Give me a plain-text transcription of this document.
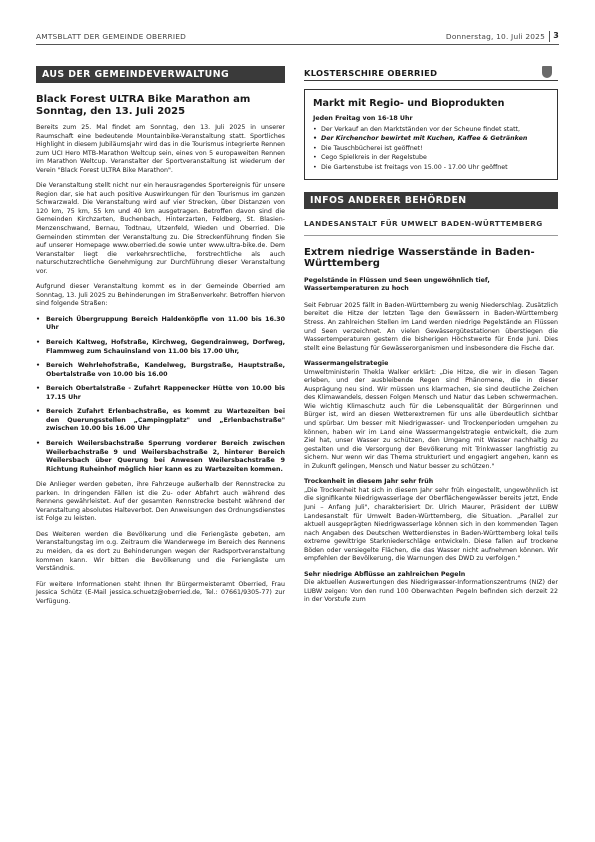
AMTSBLATT DER GEMEINDE OBERRIED	Donnerstag, 10. Juli 2025 3
AUS DER GEMEINDEVERWALTUNG
Black Forest ULTRA Bike Marathon am Sonntag, den 13. Juli 2025

Bereits zum 25. Mal findet am Sonntag, den 13. Juli 2025 in unserer Raumschaft eine bedeutende Mountainbike-Veranstaltung statt. Sportliches Highlight in diesem Jubiläumsjahr wird das in die Tourismus integrierte Rennen zum UCI Hero MTB-Marathon Weltcup sein, eines von 5 europaweiten Rennen im Marathon Weltcup. Veranstalter der Sportveranstaltung ist wiederum der Verein "Black Forest ULTRA Bike Marathon".

Die Veranstaltung stellt nicht nur ein herausragendes Sportereignis für unsere Region dar, sie hat auch positive Auswirkungen für den Tourismus im ganzen Schwarzwald. Die Veranstaltung wird auf vier Strecken, über Distanzen von 120 km, 75 km, 55 km und 40 km ausgetragen. Betroffen davon sind die Gemeinden Kirchzarten, Buchenbach, Hinterzarten, Feldberg, St. Blasien-Menzenschwand, Bernau, Todtnau, Utzenfeld, Wieden und Oberried. Die Gemeinden stimmten der Veranstaltung zu. Die Streckenführung finden Sie auf unserer Homepage www.oberried.de sowie unter www.ultra-bike.de. Dem Veranstalter liegt die verkehrsrechtliche, forstrechtliche als auch naturschutzrechtliche Genehmigung zur Durchführung dieser Veranstaltung vor.

Aufgrund dieser Veranstaltung kommt es in der Gemeinde Oberried am Sonntag, 13. Juli 2025 zu Behinderungen im Straßenverkehr. Betroffen hiervon sind folgende Straßen:

• Bereich Übergruppung Bereich Haldenköpfle von 11.00 bis 16.30 Uhr
• Bereich Kaltweg, Hofstraße, Kirchweg, Gegendrainweg, Dorfweg, Flammweg zum Schauinsland von 11.00 bis 17.00 Uhr,
• Bereich Wehrlehofstraße, Kandelweg, Burgstraße, Hauptstraße, Obertalstraße von 10.00 bis 16.00
• Bereich Obertalstraße - Zufahrt Rappenecker Hütte von 10.00 bis 17.15 Uhr
• Bereich Zufahrt Erlenbachstraße, es kommt zu Wartezeiten bei den Querungsstellen „Campingplatz" und „Erlenbachstraße" zwischen 10.00 bis 16.00 Uhr
• Bereich Weilersbachstraße Sperrung vorderer Bereich zwischen Weilerbachstraße 9 und Weilersbachstraße 2, hinterer Bereich Weilersbach über Querung bei Anwesen Weilersbachstraße 9 Richtung Ruheinhof möglich hier kann es zu Wartezeiten kommen.

Die Anlieger werden gebeten, ihre Fahrzeuge außerhalb der Rennstrecke zu parken. In dringenden Fällen ist die Zu- oder Abfahrt auch während des Rennens gewährleistet. Auf der gesamten Rennstrecke besteht während der Veranstaltung absolutes Halteverbot. Den Anweisungen des Ordnungsdienstes ist Folge zu leisten.

Des Weiteren werden die Bevölkerung und die Feriengäste gebeten, am Veranstaltungstag im o.g. Zeitraum die Wanderwege im Bereich des Rennens zu meiden, da es dort zu Behinderungen wegen der Radsportveranstaltung kommen kann. Wir bitten die Bevölkerung und die Feriengäste um Verständnis.

Für weitere Informationen steht Ihnen Ihr Bürgermeisteramt Oberried, Frau Jessica Schütz (E-Mail jessica.schuetz@oberried.de, Tel.: 07661/9305-77) zur Verfügung.

KLOSTERSCHIRE OBERRIED
Markt mit Regio- und Bioprodukten
Jeden Freitag von 16-18 Uhr
• Der Verkauf an den Marktständen vor der Scheune findet statt,
• Der Kirchenchor bewirtet mit Kuchen, Kaffee & Getränken
• Die Tauschbücherei ist geöffnet!
• Cego Spielkreis in der Regelstube
• Die Gartenstube ist freitags von 15.00 - 17.00 Uhr geöffnet
INFOS ANDERER BEHÖRDEN
LANDESANSTALT FÜR UMWELT BADEN-WÜRTTEMBERG
Extrem niedrige Wasserstände in Baden-Württemberg

Pegelstände in Flüssen und Seen ungewöhnlich tief, Wassertemperaturen zu hoch

Seit Februar 2025 fällt in Baden-Württemberg zu wenig Niederschlag. Zusätzlich bereitet die Hitze der letzten Tage den Gewässern in Baden-Württemberg Stress. An zahlreichen Stellen im Land werden niedrige Pegelstände an Flüssen und Seen verzeichnet. An vielen Gewässergütestationen überstiegen die Wassertemperaturen gestern die bisherigen Höchstwerte für Ende Juni. Dies stellt eine Belastung für Gewässerorganismen und insbesondere die Fische dar.

Wassermangelstrategie

Umweltministerin Thekla Walker erklärt: „Die Hitze, die wir in diesen Tagen erleben, und der ausbleibende Regen sind Phänomene, die in dieser Ausprägung neu sind. Wir müssen uns klarmachen, sie sind deutliche Zeichen des Klimawandels, dessen Folgen Mensch und Natur das Leben schwermachen. Wie wichtig Klimaschutz auch für die Lebensqualität der Bürgerinnen und Bürger ist, wird an diesen Wetterextremen für uns alle überdeutlich sichtbar und spürbar. Um besser mit Niedrigwasser- und Trockenperioden umgehen zu können, haben wir im Land eine Wassermangelstrategie entwickelt, die zum Ziel hat, unser Wasser zu schützen, den Umgang mit Wasser nachhaltig zu gestalten und die Versorgung der Bevölkerung mit Trinkwasser langfristig zu sichern. Nur wenn wir das Thema strukturiert und engagiert angehen, kann es in Zukunft gelingen, Mensch und Natur besser zu schützen."

Trockenheit in diesem Jahr sehr früh

„Die Trockenheit hat sich in diesem Jahr sehr früh eingestellt, ungewöhnlich ist die signifikante Niedrigwasserlage der Oberflächengewässer bereits jetzt, Ende Juni – Anfang Juli", charakterisiert Dr. Ulrich Maurer, Präsident der LUBW Landesanstalt für Umwelt Baden-Württemberg, die Situation. „Parallel zur aktuell ausgeprägten Niedrigwasserlage können sich in den kommenden Tagen nach Angaben des Deutschen Wetterdienstes in Baden-Württemberg lokal teils extreme gewittrige Starkniederschläge entwickeln. Diese fallen auf trockene Böden oder versiegelte Flächen, die das Wasser nicht aufnehmen können. Wir empfehlen der Bevölkerung, die Warnungen des DWD zu verfolgen."

Sehr niedrige Abflüsse an zahlreichen Pegeln

Die aktuellen Auswertungen des Niedrigwasser-Informationszentrums (NIZ) der LUBW zeigen: Von den rund 100 Oberwachten Pegeln befinden sich derzeit 22 in der Vorstufe zum
